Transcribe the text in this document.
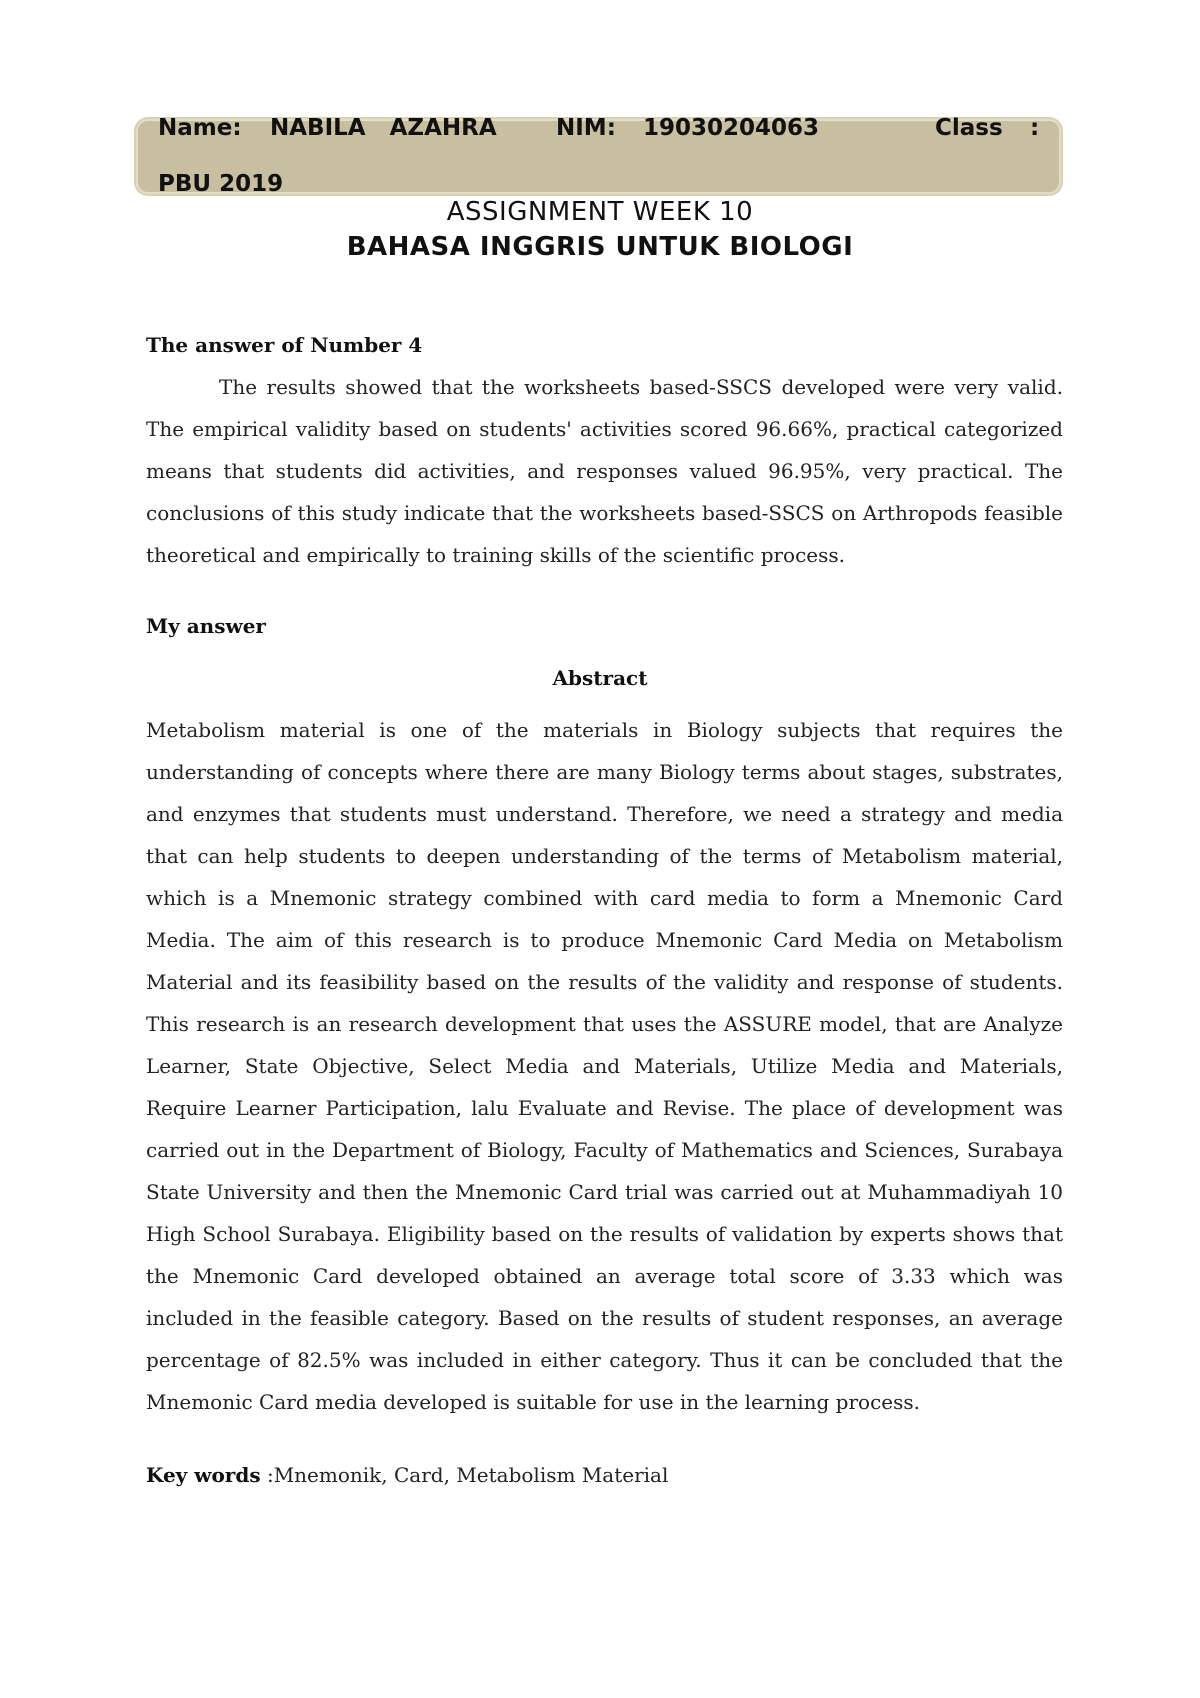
Name: NABILA   AZAHRA	NIM: 19030204063	Class :
PBU 2019
ASSIGNMENT WEEK 10
BAHASA INGGRIS UNTUK BIOLOGI
The answer of Number 4

The results showed that the worksheets based-SSCS developed were very valid. The empirical validity based on students' activities scored 96.66%, practical categorized means that students did activities, and responses valued 96.95%, very practical. The conclusions of this study indicate that the worksheets based-SSCS on Arthropods feasible theoretical and empirically to training skills of the scientific process.

My answer
Abstract

Metabolism material is one of the materials in Biology subjects that requires the understanding of concepts where there are many Biology terms about stages, substrates, and enzymes that students must understand. Therefore, we need a strategy and media that can help students to deepen understanding of the terms of Metabolism material, which is a Mnemonic strategy combined with card media to form a Mnemonic Card Media. The aim of this research is to produce Mnemonic Card Media on Metabolism Material and its feasibility based on the results of the validity and response of students. This research is an research development that uses the ASSURE model, that are Analyze Learner, State Objective, Select Media and Materials, Utilize Media and Materials, Require Learner Participation, lalu Evaluate and Revise. The place of development was carried out in the Department of Biology, Faculty of Mathematics and Sciences, Surabaya State University and then the Mnemonic Card trial was carried out at Muhammadiyah 10 High School Surabaya. Eligibility based on the results of validation by experts shows that the Mnemonic Card developed obtained an average total score of 3.33 which was included in the feasible category. Based on the results of student responses, an average percentage of 82.5% was included in either category. Thus it can be concluded that the Mnemonic Card media developed is suitable for use in the learning process.

Key words :Mnemonik, Card, Metabolism Material
